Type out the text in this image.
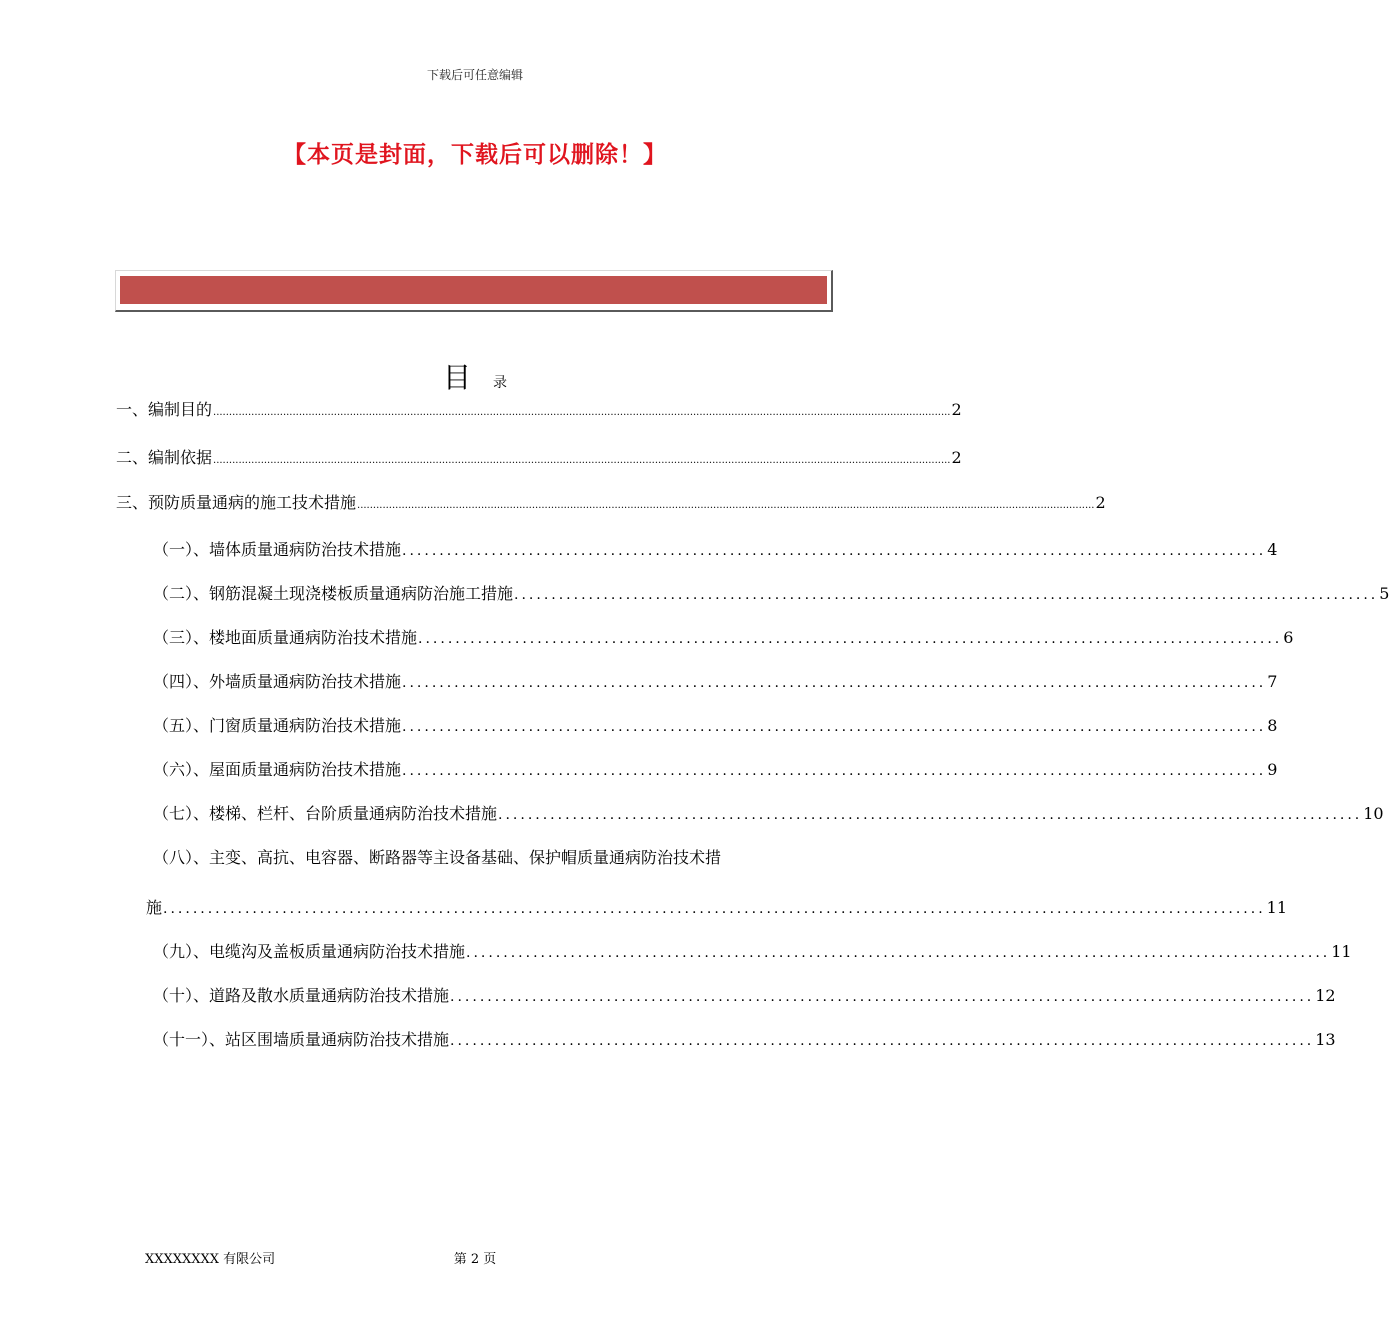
下载后可任意编辑
【本页是封面，下载后可以删除！】
目 录
一、编制目的 ........................................................................................................................................................................................................................................ 2
二、编制依据 ........................................................................................................................................................................................................................................ 2
三、预防质量通病的施工技术措施 ........................................................................................................................................................................................................................................ 2
（一）、墙体质量通病防治技术措施 .................................................................................................................... 4
（二）、钢筋混凝土现浇楼板质量通病防治施工措施 .................................................................................................................... 5
（三）、楼地面质量通病防治技术措施 .................................................................................................................... 6
（四）、外墙质量通病防治技术措施 .................................................................................................................... 7
（五）、门窗质量通病防治技术措施 .................................................................................................................... 8
（六）、屋面质量通病防治技术措施 .................................................................................................................... 9
（七）、楼梯、栏杆、台阶质量通病防治技术措施 .................................................................................................................... 10
（八）、主变、高抗、电容器、断路器等主设备基础、保护帽质量通病防治技术措
施 .................................................................................................................................................... 11
（九）、电缆沟及盖板质量通病防治技术措施 .................................................................................................................... 11
（十）、道路及散水质量通病防治技术措施 .................................................................................................................... 12
（十一）、站区围墙质量通病防治技术措施 .................................................................................................................... 13
XXXXXXXX 有限公司	第 2 页
